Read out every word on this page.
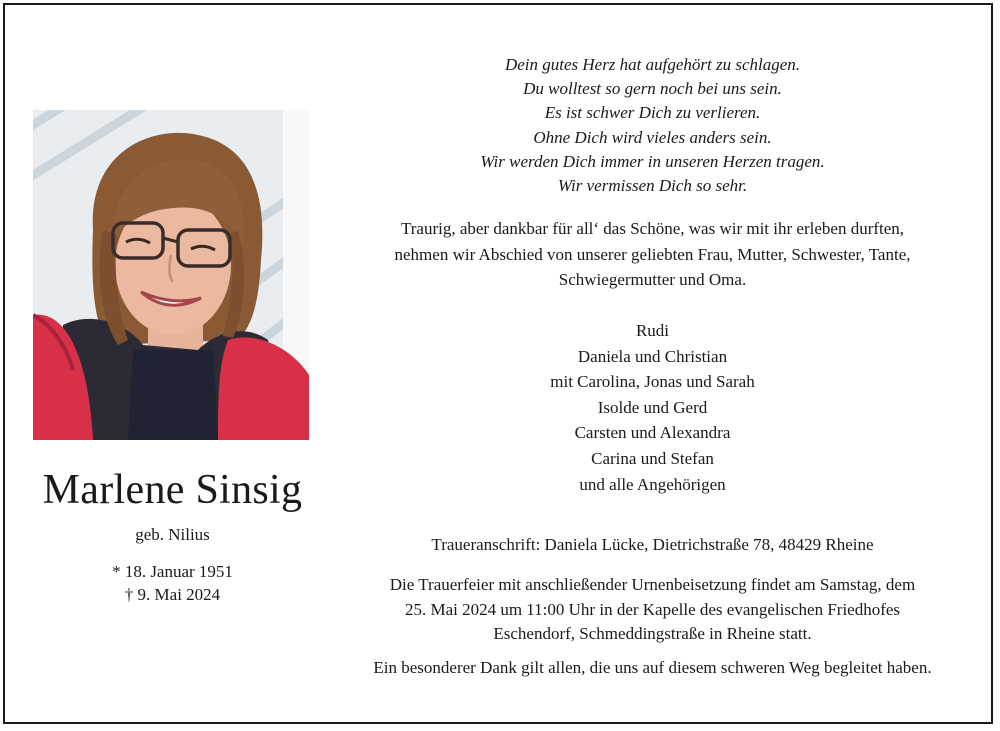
Marlene Sinsig
geb. Nilius
* 18. Januar 1951
† 9. Mai 2024
Dein gutes Herz hat aufgehört zu schlagen.
Du wolltest so gern noch bei uns sein.
Es ist schwer Dich zu verlieren.
Ohne Dich wird vieles anders sein.
Wir werden Dich immer in unseren Herzen tragen.
Wir vermissen Dich so sehr.
Traurig, aber dankbar für all‘ das Schöne, was wir mit ihr erleben durften,
nehmen wir Abschied von unserer geliebten Frau, Mutter, Schwester, Tante,
Schwiegermutter und Oma.
Rudi
Daniela und Christian
mit Carolina, Jonas und Sarah
Isolde und Gerd
Carsten und Alexandra
Carina und Stefan
und alle Angehörigen
Traueranschrift: Daniela Lücke, Dietrichstraße 78, 48429 Rheine
Die Trauerfeier mit anschließender Urnenbeisetzung findet am Samstag, dem
25. Mai 2024 um 11:00 Uhr in der Kapelle des evangelischen Friedhofes
Eschendorf, Schmeddingstraße in Rheine statt.
Ein besonderer Dank gilt allen, die uns auf diesem schweren Weg begleitet haben.
